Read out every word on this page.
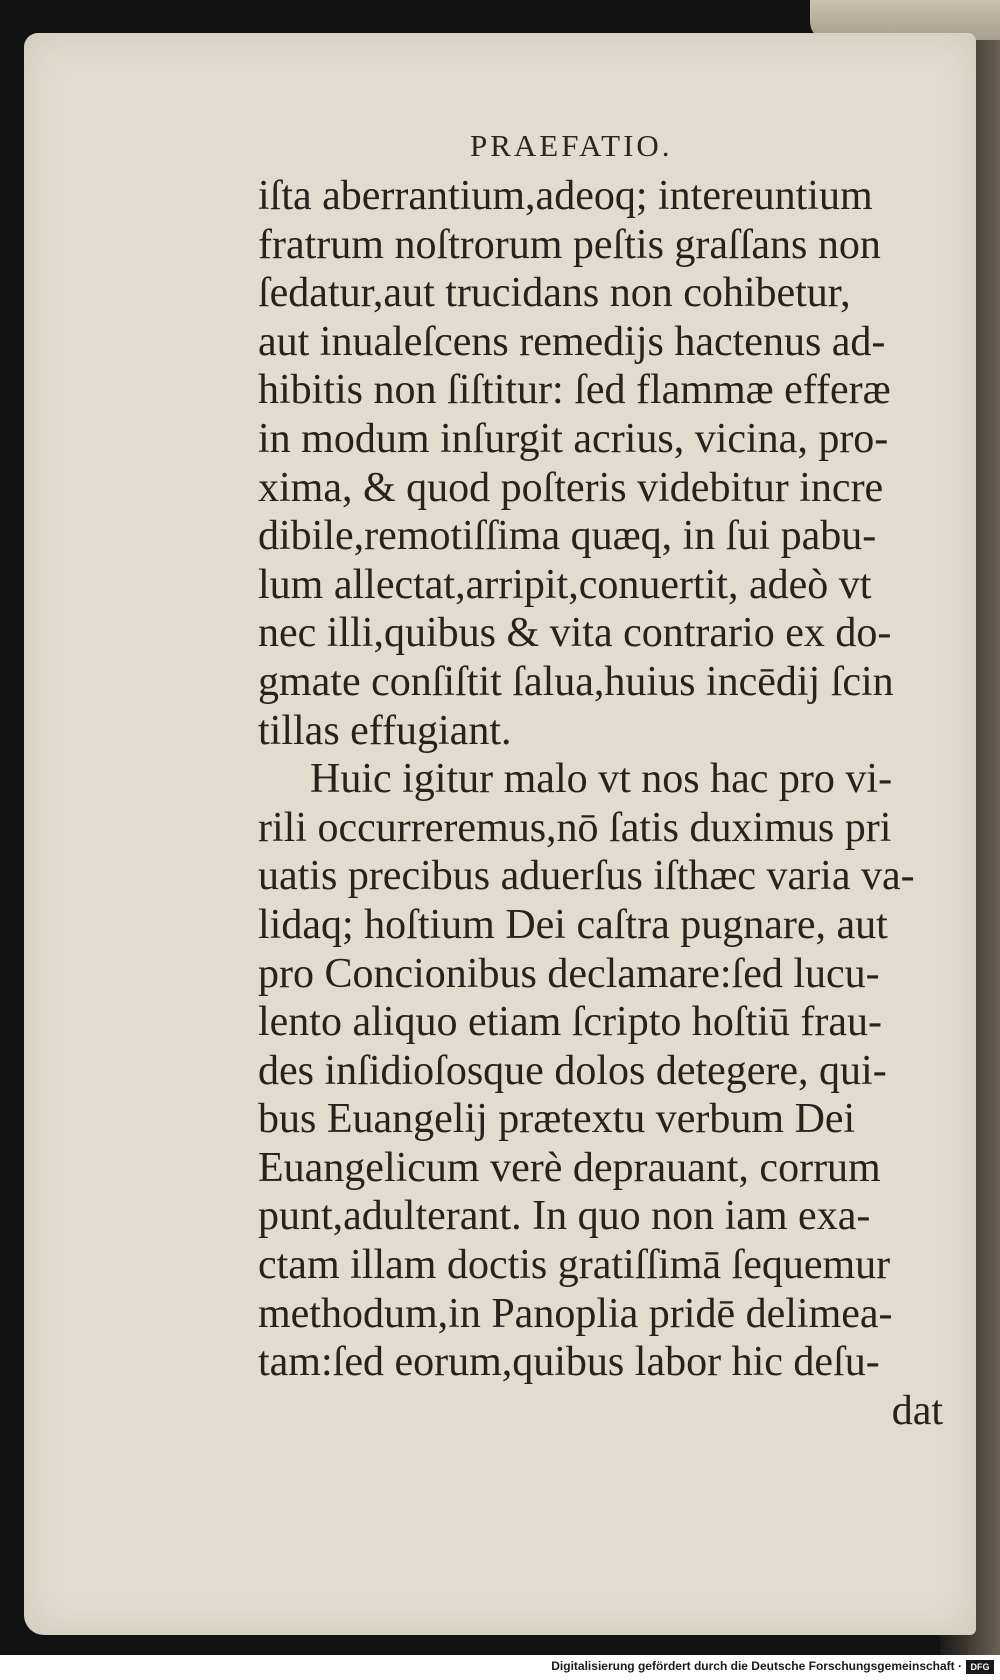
PRAEFATIO.
iſta aberrantium,adeoq; intereuntium
fratrum noſtrorum peſtis graſſans non
ſedatur,aut trucidans non cohibetur,
aut inualeſcens remedijs hactenus ad-
hibitis non ſiſtitur: ſed flammæ efferæ
in modum inſurgit acrius, vicina, pro-
xima, & quod poſteris videbitur incre
dibile,remotiſſima quæq, in ſui pabu-
lum allectat,arripit,conuertit, adeò vt
nec illi,quibus & vita contrario ex do-
gmate conſiſtit ſalua,huius incēdij ſcin
tillas effugiant.
Huic igitur malo vt nos hac pro vi-
rili occurreremus,nō ſatis duximus pri
uatis precibus aduerſus iſthæc varia va-
lidaq; hoſtium Dei caſtra pugnare, aut
pro Concionibus declamare:ſed lucu-
lento aliquo etiam ſcripto hoſtiū frau-
des inſidioſosque dolos detegere, qui-
bus Euangelij prætextu verbum Dei
Euangelicum verè deprauant, corrum
punt,adulterant. In quo non iam exa-
ctam illam doctis gratiſſimā ſequemur
methodum,in Panoplia pridē delimea-
tam:ſed eorum,quibus labor hic deſu-
dat
Digitalisierung gefördert durch die Deutsche Forschungsgemeinschaft · DFG
